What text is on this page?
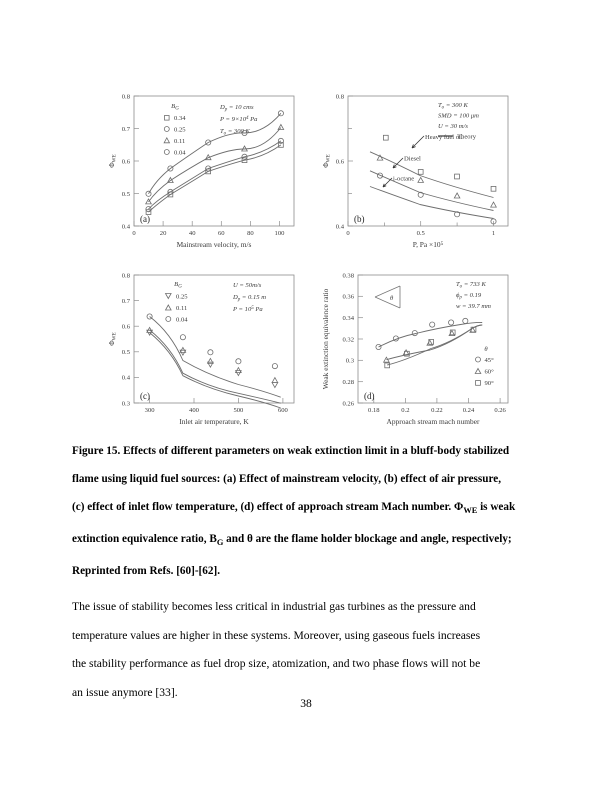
0.4
0.5
0.6
0.7
0.8
0	20	40	60	80	100
Mainstream velocity, m/s
$\Phi_{WE}$
(a)
$B_G$
0.34
0.25
0.11
0.04
$D_p = 10$ cms
$P = 9\times 10^4$ Pa
$T_o = 300$ K
0.4
0.6
0.8
0	0.5	1
P, $Pa \times 10^5$
$\Phi_{WE}$
(b)
$T_o = 300$ K
SMD = 100 μm
U = 30 m/s
Theory
Heavy fuel oil
Diesel
i-octane
0.3
0.4
0.5
0.6
0.7
0.8
300	400	500	600
Inlet air temperature, K
$\Phi_{WE}$
(c)
$B_G$
0.25
0.11
0.04
U = 50m/s
$D_p = 0.15$ m
$P = 10^5$ Pa
0.26
0.28
0.3
0.32
0.34
0.36
0.38
0.18	0.2	0.22	0.24	0.26
Approach stream mach number
Weak extinction equivalence ratio
(d)
θ
$T_o = 733$ K
$\phi_p = 0.19$
w = 39.7 mm
θ
45°
60°
90°
Figure 15. Effects of different parameters on weak extinction limit in a bluff-body stabilized
flame using liquid fuel sources: (a) Effect of mainstream velocity, (b) effect of air pressure,
(c) effect of inlet flow temperature, (d) effect of approach stream Mach number. $\Phi_{WE}$ is weak
extinction equivalence ratio, $B_G$ and θ are the flame holder blockage and angle, respectively;
Reprinted from Refs. [60]-[62].
The issue of stability becomes less critical in industrial gas turbines as the pressure and
temperature values are higher in these systems. Moreover, using gaseous fuels increases
the stability performance as fuel drop size, atomization, and two phase flows will not be
an issue anymore [33].
38
